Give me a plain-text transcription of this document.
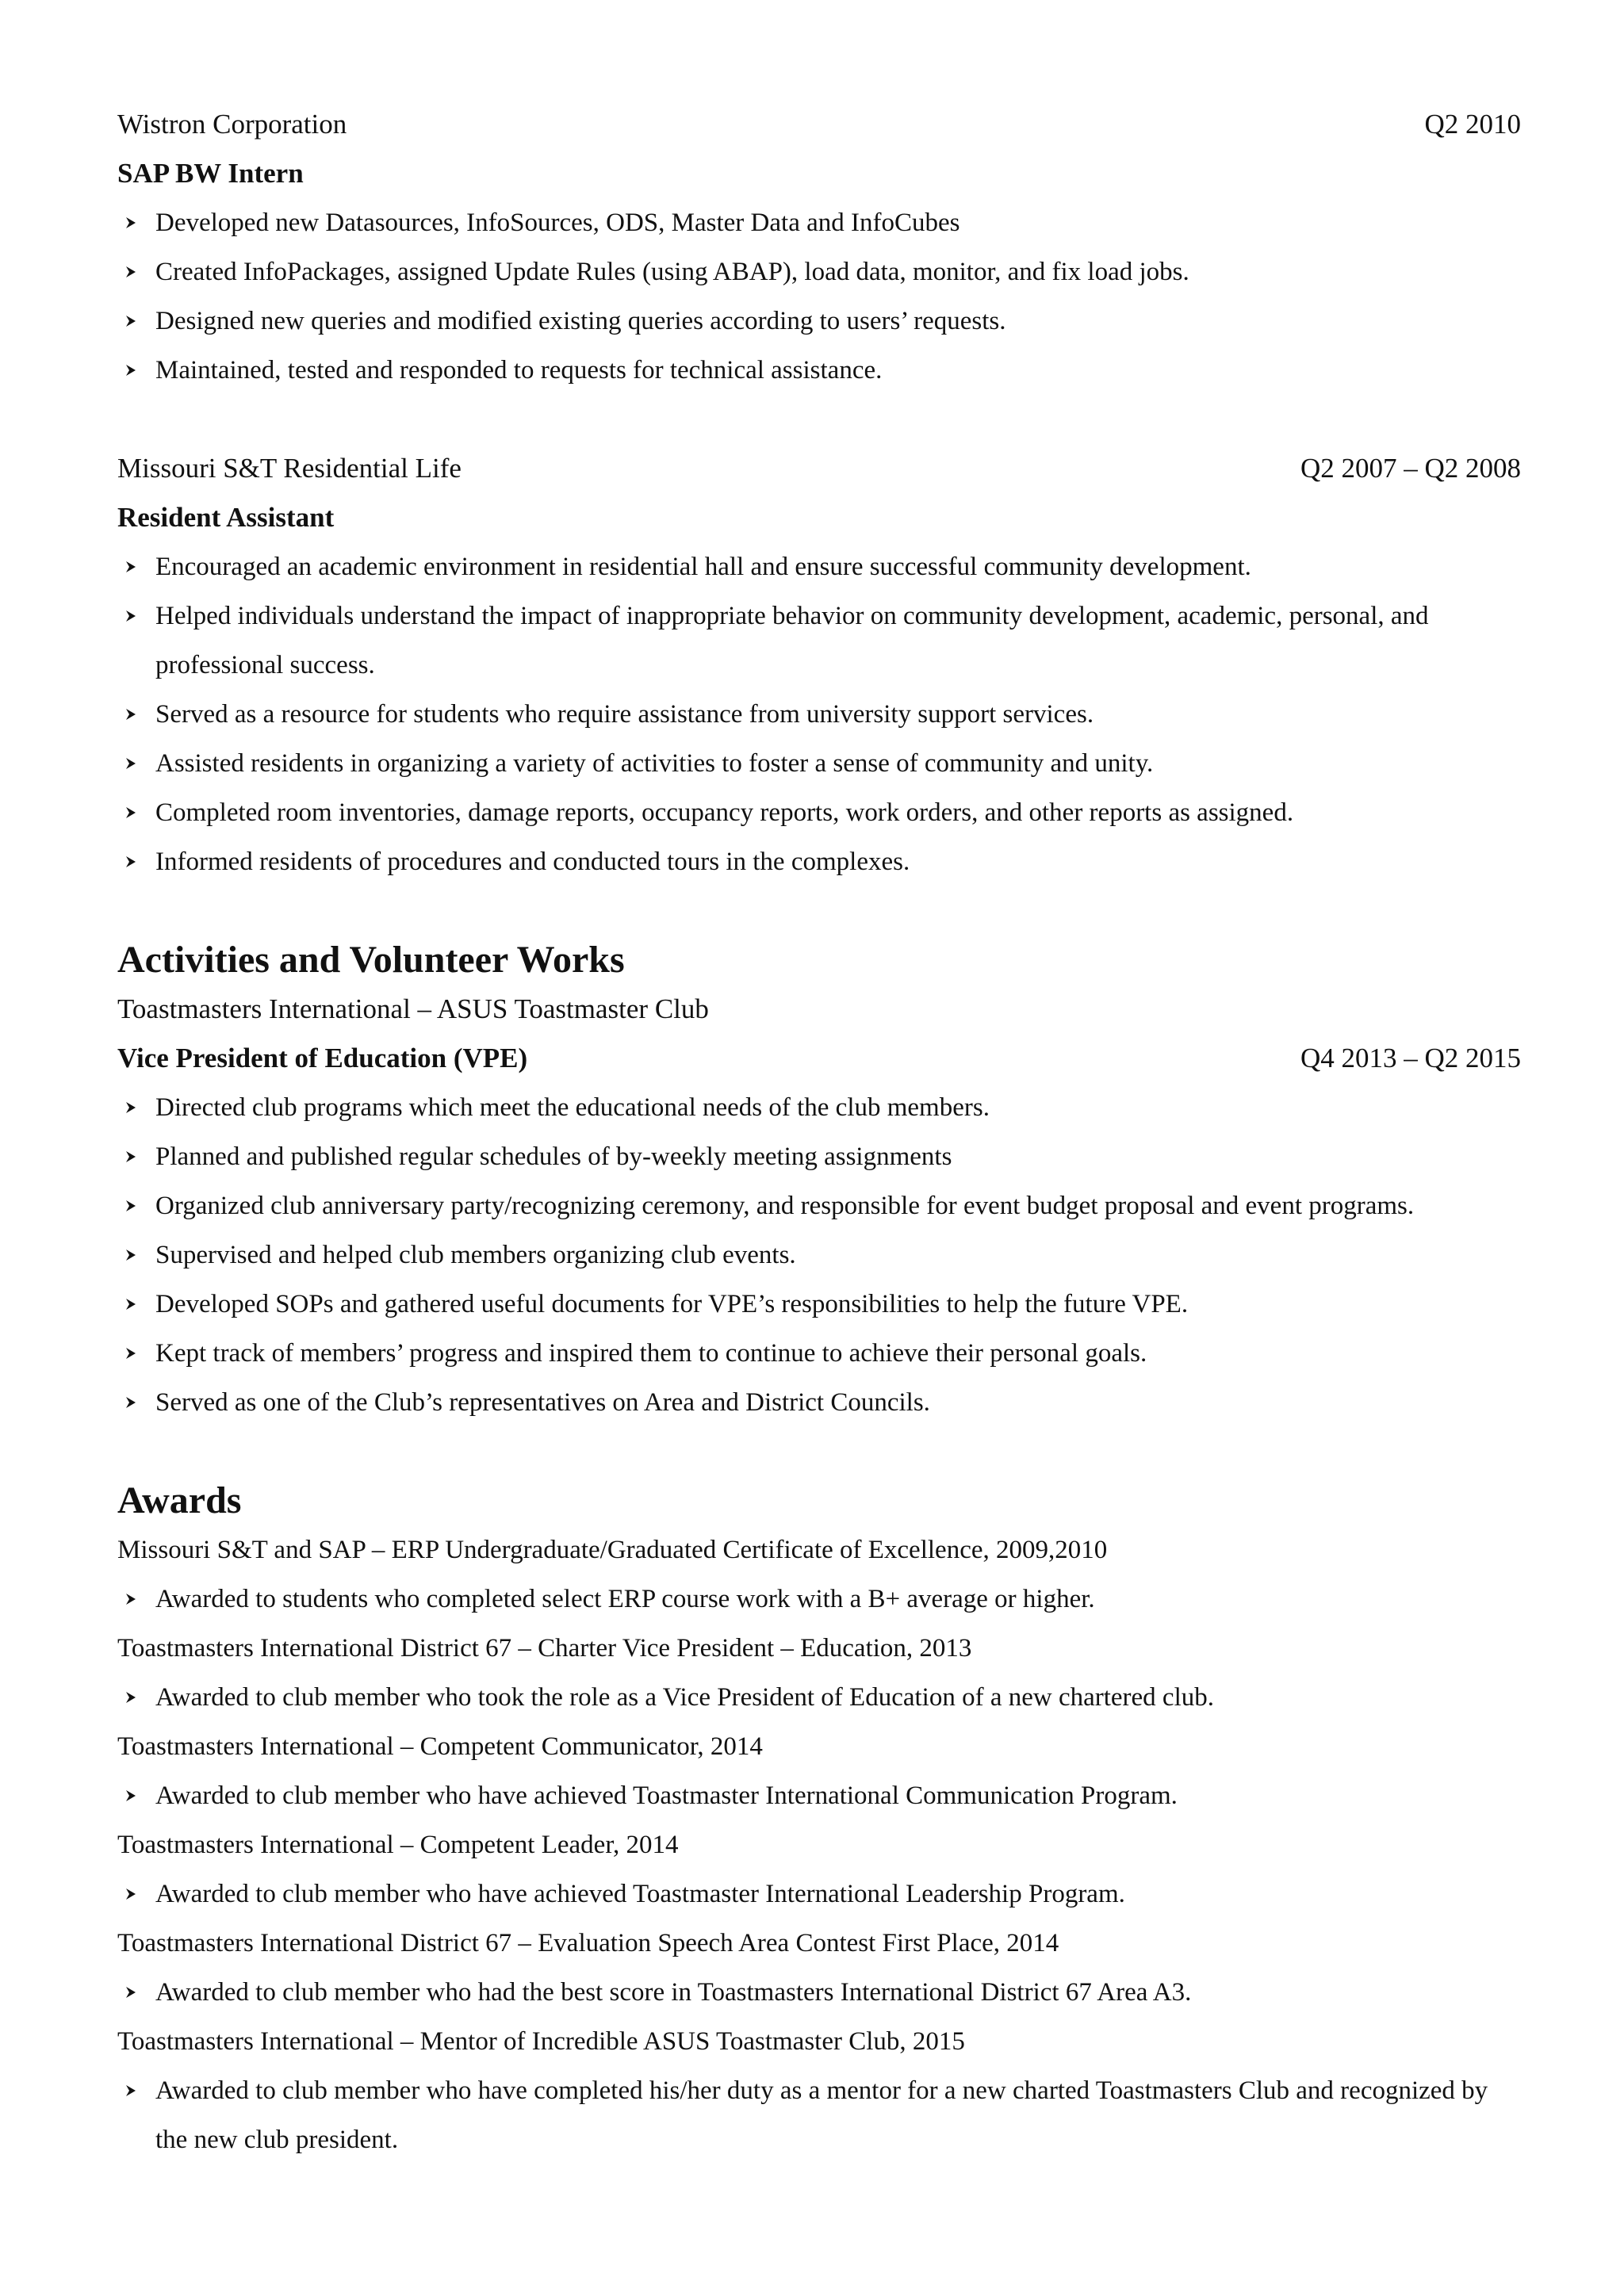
Wistron Corporation	Q2 2010
SAP BW Intern
Developed new Datasources, InfoSources, ODS, Master Data and InfoCubes
Created InfoPackages, assigned Update Rules (using ABAP), load data, monitor, and fix load jobs.
Designed new queries and modified existing queries according to users’ requests.
Maintained, tested and responded to requests for technical assistance.
Missouri S&T Residential Life	Q2 2007 – Q2 2008
Resident Assistant
Encouraged an academic environment in residential hall and ensure successful community development.
Helped individuals understand the impact of inappropriate behavior on community development, academic, personal, and professional success.
Served as a resource for students who require assistance from university support services.
Assisted residents in organizing a variety of activities to foster a sense of community and unity.
Completed room inventories, damage reports, occupancy reports, work orders, and other reports as assigned.
Informed residents of procedures and conducted tours in the complexes.
Activities and Volunteer Works
Toastmasters International – ASUS Toastmaster Club
Vice President of Education (VPE)	Q4 2013 – Q2 2015
Directed club programs which meet the educational needs of the club members.
Planned and published regular schedules of by-weekly meeting assignments
Organized club anniversary party/recognizing ceremony, and responsible for event budget proposal and event programs.
Supervised and helped club members organizing club events.
Developed SOPs and gathered useful documents for VPE’s responsibilities to help the future VPE.
Kept track of members’ progress and inspired them to continue to achieve their personal goals.
Served as one of the Club’s representatives on Area and District Councils.
Awards
Missouri S&T and SAP – ERP Undergraduate/Graduated Certificate of Excellence, 2009,2010
Awarded to students who completed select ERP course work with a B+ average or higher.
Toastmasters International District 67 – Charter Vice President – Education, 2013
Awarded to club member who took the role as a Vice President of Education of a new chartered club.
Toastmasters International – Competent Communicator, 2014
Awarded to club member who have achieved Toastmaster International Communication Program.
Toastmasters International – Competent Leader, 2014
Awarded to club member who have achieved Toastmaster International Leadership Program.
Toastmasters International District 67 – Evaluation Speech Area Contest First Place, 2014
Awarded to club member who had the best score in Toastmasters International District 67 Area A3.
Toastmasters International – Mentor of Incredible ASUS Toastmaster Club, 2015
Awarded to club member who have completed his/her duty as a mentor for a new charted Toastmasters Club and recognized by the new club president.
